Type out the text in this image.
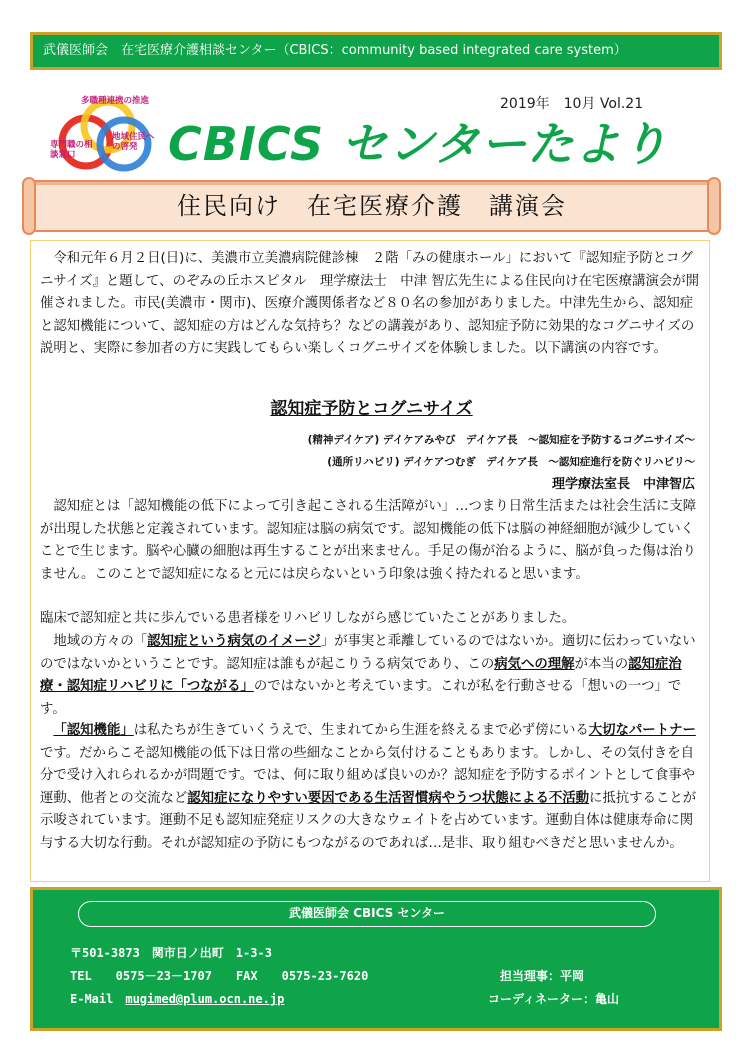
武儀医師会　在宅医療介護相談センター（CBICS：community based integrated care system）
多職種連携の推進
専門職の相談窓口
地域住民への啓発
2019年　10月 Vol.21
CBICS センターたより
住民向け　在宅医療介護　講演会
令和元年６月２日(日)に、美濃市立美濃病院健診棟　２階「みの健康ホール」において『認知症予防とコグニサイズ』と題して、のぞみの丘ホスピタル　理学療法士　中津 智広先生による住民向け在宅医療講演会が開催されました。市民(美濃市・関市)、医療介護関係者など８０名の参加がありました。中津先生から、認知症と認知機能について、認知症の方はどんな気持ち？などの講義があり、認知症予防に効果的なコグニサイズの説明と、実際に参加者の方に実践してもらい楽しくコグニサイズを体験しました。以下講演の内容です。
認知症予防とコグニサイズ
(精神デイケア) デイケアみやび　デイケア長　～認知症を予防するコグニサイズ～
(通所リハビリ) デイケアつむぎ　デイケア長　～認知症進行を防ぐリハビリ～
理学療法室長　中津智広
認知症とは「認知機能の低下によって引き起こされる生活障がい」…つまり日常生活または社会生活に支障が出現した状態と定義されています。認知症は脳の病気です。認知機能の低下は脳の神経細胞が減少していくことで生じます。脳や心臓の細胞は再生することが出来ません。手足の傷が治るように、脳が負った傷は治りません。このことで認知症になると元には戻らないという印象は強く持たれると思います。
臨床で認知症と共に歩んでいる患者様をリハビリしながら感じていたことがありました。
地域の方々の「認知症という病気のイメージ」が事実と乖離しているのではないか。適切に伝わっていないのではないかということです。認知症は誰もが起こりうる病気であり、この病気への理解が本当の認知症治療・認知症リハビリに「つながる」のではないかと考えています。これが私を行動させる「想いの一つ」です。
「認知機能」は私たちが生きていくうえで、生まれてから生涯を終えるまで必ず傍にいる大切なパートナーです。だからこそ認知機能の低下は日常の些細なことから気付けることもあります。しかし、その気付きを自分で受け入れられるかが問題です。では、何に取り組めば良いのか？認知症を予防するポイントとして食事や運動、他者との交流など認知症になりやすい要因である生活習慣病やうつ状態による不活動に抵抗することが示唆されています。運動不足も認知症発症リスクの大きなウェイトを占めています。運動自体は健康寿命に関与する大切な行動。それが認知症の予防にもつながるのであれば…是非、取り組むべきだと思いませんか。
武儀医師会 CBICS センター
〒501-3873　関市日ノ出町　1-3-3
TEL　　0575－23－1707　　FAX　　0575-23-7620
E-Mail　mugimed@plum.ocn.ne.jp
担当理事：平岡
コーディネーター：亀山
